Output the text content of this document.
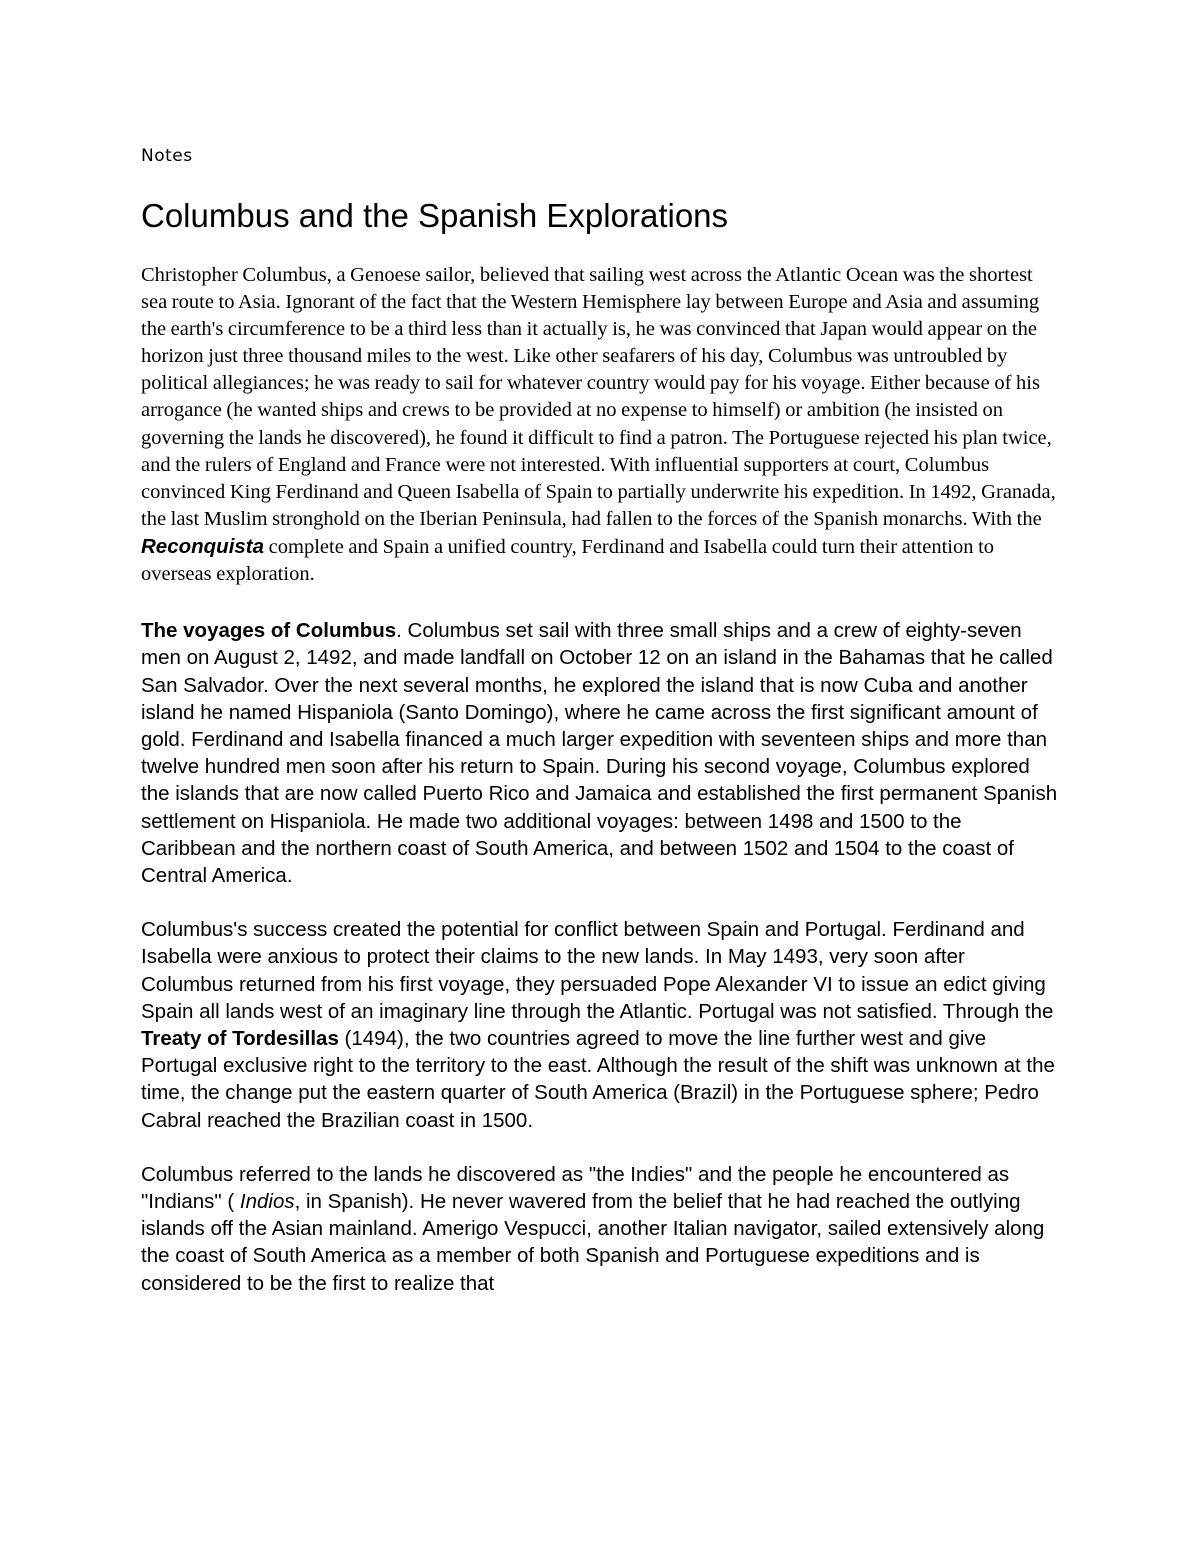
Notes

Columbus and the Spanish Explorations

Christopher Columbus, a Genoese sailor, believed that sailing west across the Atlantic Ocean was the shortest sea route to Asia. Ignorant of the fact that the Western Hemisphere lay between Europe and Asia and assuming the earth's circumference to be a third less than it actually is, he was convinced that Japan would appear on the horizon just three thousand miles to the west. Like other seafarers of his day, Columbus was untroubled by political allegiances; he was ready to sail for whatever country would pay for his voyage. Either because of his arrogance (he wanted ships and crews to be provided at no expense to himself) or ambition (he insisted on governing the lands he discovered), he found it difficult to find a patron. The Portuguese rejected his plan twice, and the rulers of England and France were not interested. With influential supporters at court, Columbus convinced King Ferdinand and Queen Isabella of Spain to partially underwrite his expedition. In 1492, Granada, the last Muslim stronghold on the Iberian Peninsula, had fallen to the forces of the Spanish monarchs. With the Reconquista complete and Spain a unified country, Ferdinand and Isabella could turn their attention to overseas exploration.

The voyages of Columbus. Columbus set sail with three small ships and a crew of eighty-seven men on August 2, 1492, and made landfall on October 12 on an island in the Bahamas that he called San Salvador. Over the next several months, he explored the island that is now Cuba and another island he named Hispaniola (Santo Domingo), where he came across the first significant amount of gold. Ferdinand and Isabella financed a much larger expedition with seventeen ships and more than twelve hundred men soon after his return to Spain. During his second voyage, Columbus explored the islands that are now called Puerto Rico and Jamaica and established the first permanent Spanish settlement on Hispaniola. He made two additional voyages: between 1498 and 1500 to the Caribbean and the northern coast of South America, and between 1502 and 1504 to the coast of Central America.

Columbus's success created the potential for conflict between Spain and Portugal. Ferdinand and Isabella were anxious to protect their claims to the new lands. In May 1493, very soon after Columbus returned from his first voyage, they persuaded Pope Alexander VI to issue an edict giving Spain all lands west of an imaginary line through the Atlantic. Portugal was not satisfied. Through the Treaty of Tordesillas (1494), the two countries agreed to move the line further west and give Portugal exclusive right to the territory to the east. Although the result of the shift was unknown at the time, the change put the eastern quarter of South America (Brazil) in the Portuguese sphere; Pedro Cabral reached the Brazilian coast in 1500.

Columbus referred to the lands he discovered as "the Indies" and the people he encountered as "Indians" ( Indios, in Spanish). He never wavered from the belief that he had reached the outlying islands off the Asian mainland. Amerigo Vespucci, another Italian navigator, sailed extensively along the coast of South America as a member of both Spanish and Portuguese expeditions and is considered to be the first to realize that
